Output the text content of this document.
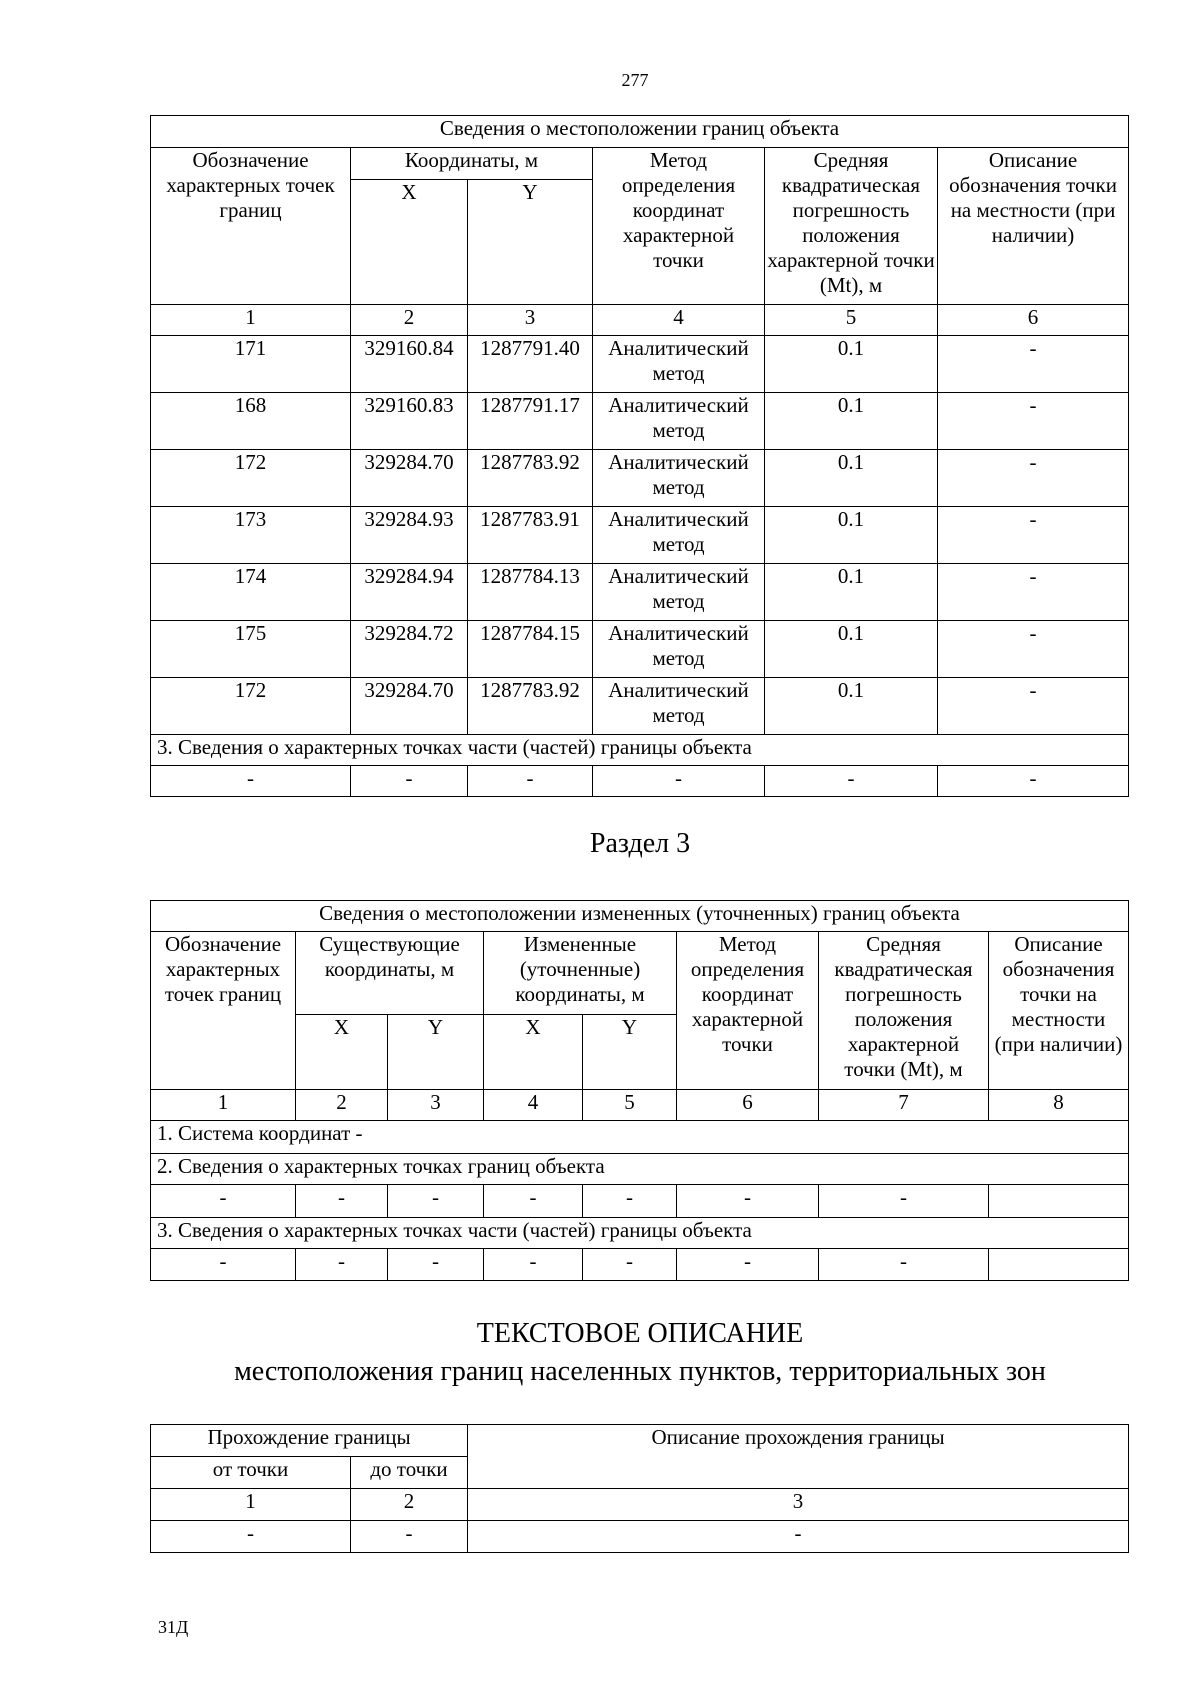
277
Сведения о местоположении границ объекта					
Обозначение характерных точек границ	Координаты, м		Метод определения координат характерной точки	Средняя квадратическая погрешность положения характерной точки (Mt), м	Описание обозначения точки на местности (при наличии)
	X	Y			
1	2	3	4	5	6
171	329160.84	1287791.40	Аналитический метод	0.1	-
168	329160.83	1287791.17	Аналитический метод	0.1	-
172	329284.70	1287783.92	Аналитический метод	0.1	-
173	329284.93	1287783.91	Аналитический метод	0.1	-
174	329284.94	1287784.13	Аналитический метод	0.1	-
175	329284.72	1287784.15	Аналитический метод	0.1	-
172	329284.70	1287783.92	Аналитический метод	0.1	-
3. Сведения о характерных точках части (частей) границы объекта					
-	-	-	-	-	-
Раздел 3
Сведения о местоположении измененных (уточненных) границ объекта							
Обозначение характерных точек границ	Существующие координаты, м		Измененные (уточненные) координаты, м		Метод определения координат характерной точки	Средняя квадратическая погрешность положения характерной точки (Mt), м	Описание обозначения точки на местности (при наличии)
	X	Y	X	Y			
1	2	3	4	5	6	7	8
1. Система координат -							
2. Сведения о характерных точках границ объекта							
-	-	-	-	-	-	-	
3. Сведения о характерных точках части (частей) границы объекта							
-	-	-	-	-	-	-	
ТЕКСТОВОЕ ОПИСАНИЕ
местоположения границ населенных пунктов, территориальных зон
Прохождение границы		Описание прохождения границы
от точки	до точки	
1	2	3
-	-	-
31Д
